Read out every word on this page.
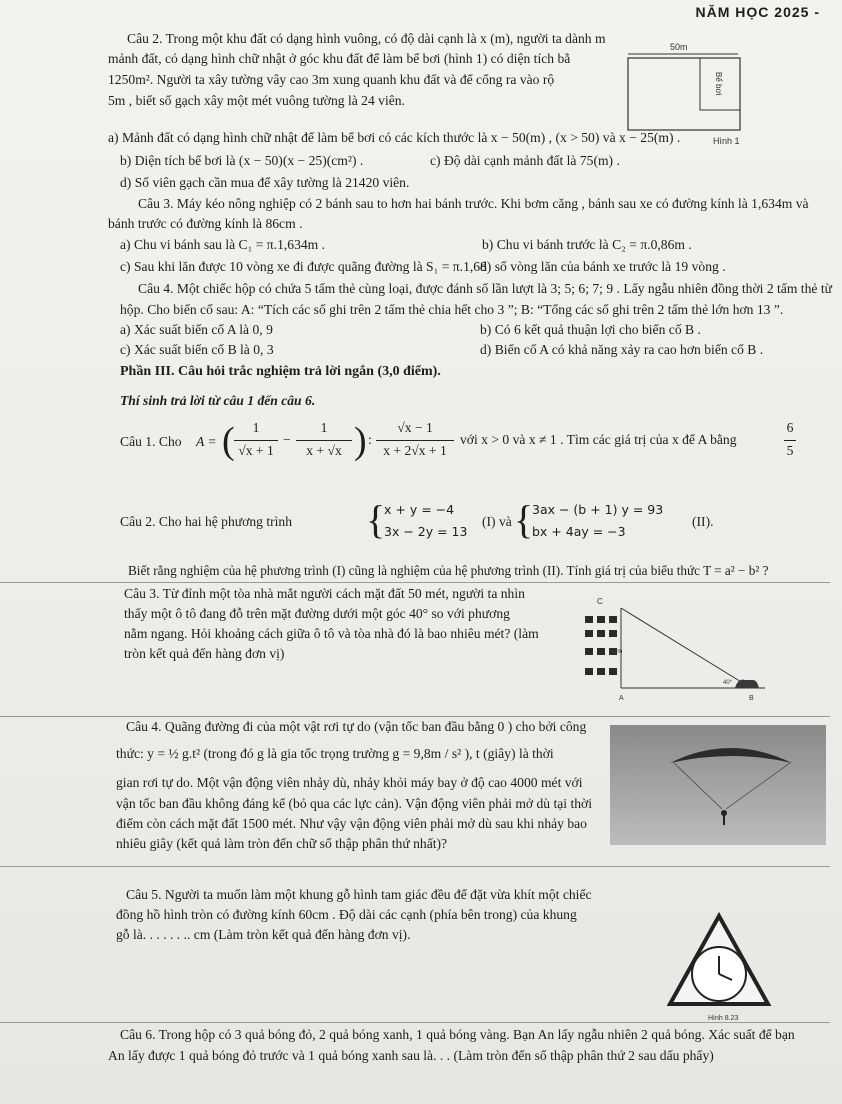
NĂM HỌC 2025 -
Câu 2. Trong một khu đất có dạng hình vuông, có độ dài cạnh là x (m), người ta dành m
mảnh đất, có dạng hình chữ nhật ở góc khu đất để làm bể bơi (hình 1) có diện tích bằ
1250m². Người ta xây tường vây cao 3m xung quanh khu đất và để cổng ra vào rộ
5m , biết số gạch xây một mét vuông tường là 24 viên.
50m
Bể bơi
Hình 1
a) Mảnh đất có dạng hình chữ nhật để làm bể bơi có các kích thước là x − 50(m) , (x > 50) và x − 25(m) .
b) Diện tích bể bơi là (x − 50)(x − 25)(cm²) .	c) Độ dài cạnh mảnh đất là 75(m) .
d) Số viên gạch cần mua để xây tường là 21420 viên.
Câu 3. Máy kéo nông nghiệp có 2 bánh sau to hơn hai bánh trước. Khi bơm căng , bánh sau xe có đường kính là 1,634m và
bánh trước có đường kính là 86cm .
a) Chu vi bánh sau là C₁ = π.1,634m .	b) Chu vi bánh trước là C₂ = π.0,86m .
c) Sau khi lăn được 10 vòng xe đi được quãng đường là S₁ = π.1,68
d) số vòng lăn của bánh xe trước là 19 vòng .
Câu 4. Một chiếc hộp có chứa 5 tấm thẻ cùng loại, được đánh số lần lượt là 3; 5; 6; 7; 9 . Lấy ngẫu nhiên đồng thời 2 tấm thẻ từ
hộp. Cho biến cố sau: A: “Tích các số ghi trên 2 tấm thẻ chia hết cho 3 ”; B: “Tổng các số ghi trên 2 tấm thẻ lớn hơn 13 ”.
a) Xác suất biến cố A là 0, 9	b) Có 6 kết quả thuận lợi cho biến cố B .
c) Xác suất biến cố B là 0, 3	d) Biến cố A có khả năng xảy ra cao hơn biến cố B .
Phần III. Câu hỏi trắc nghiệm trả lời ngắn (3,0 điểm).
Thí sinh trả lời từ câu 1 đến câu 6.
Câu 1. Cho A = (	1
√x + 1
−
1
x + √x ) :
√x − 1
x + 2√x + 1
với x > 0 và x ≠ 1 . Tìm các giá trị của x để A bằng
6
5
Câu 2. Cho hai hệ phương trình {
x + y = −4
3x − 2y = 13
(I) và {
3ax − (b + 1) y = 93
bx + 4ay = −3
(II).
Biết rằng nghiệm của hệ phương trình (I) cũng là nghiệm của hệ phương trình (II). Tính giá trị của biểu thức T = a² − b² ?
Câu 3. Từ đỉnh một tòa nhà mắt người cách mặt đất 50 mét, người ta nhìn
thấy một ô tô đang đỗ trên mặt đường dưới một góc 40° so với phương
nằm ngang. Hỏi khoảng cách giữa ô tô và tòa nhà đó là bao nhiêu mét? (làm
tròn kết quả đến hàng đơn vị)
C
50 m
40°
A	B
Câu 4. Quãng đường đi của một vật rơi tự do (vận tốc ban đầu bằng 0 ) cho bởi công
thức: y = ½ g.t² (trong đó g là gia tốc trọng trường g = 9,8m / s² ), t (giây) là thời
gian rơi tự do. Một vận động viên nhảy dù, nhảy khỏi máy bay ở độ cao 4000 mét với
vận tốc ban đầu không đáng kể (bỏ qua các lực cản). Vận động viên phải mở dù tại thời
điểm còn cách mặt đất 1500 mét. Như vậy vận động viên phải mở dù sau khi nhảy bao
nhiêu giây (kết quả làm tròn đến chữ số thập phân thứ nhất)?
Câu 5. Người ta muốn làm một khung gỗ hình tam giác đều để đặt vừa khít một chiếc
đồng hồ hình tròn có đường kính 60cm . Độ dài các cạnh (phía bên trong) của khung
gỗ là. . . . . . .. cm (Làm tròn kết quả đến hàng đơn vị).
Hình 8.23
Câu 6. Trong hộp có 3 quả bóng đỏ, 2 quả bóng xanh, 1 quả bóng vàng. Bạn An lấy ngẫu nhiên 2 quả bóng. Xác suất để bạn
An lấy được 1 quả bóng đỏ trước và 1 quả bóng xanh sau là. . . (Làm tròn đến số thập phân thứ 2 sau dấu phẩy)
